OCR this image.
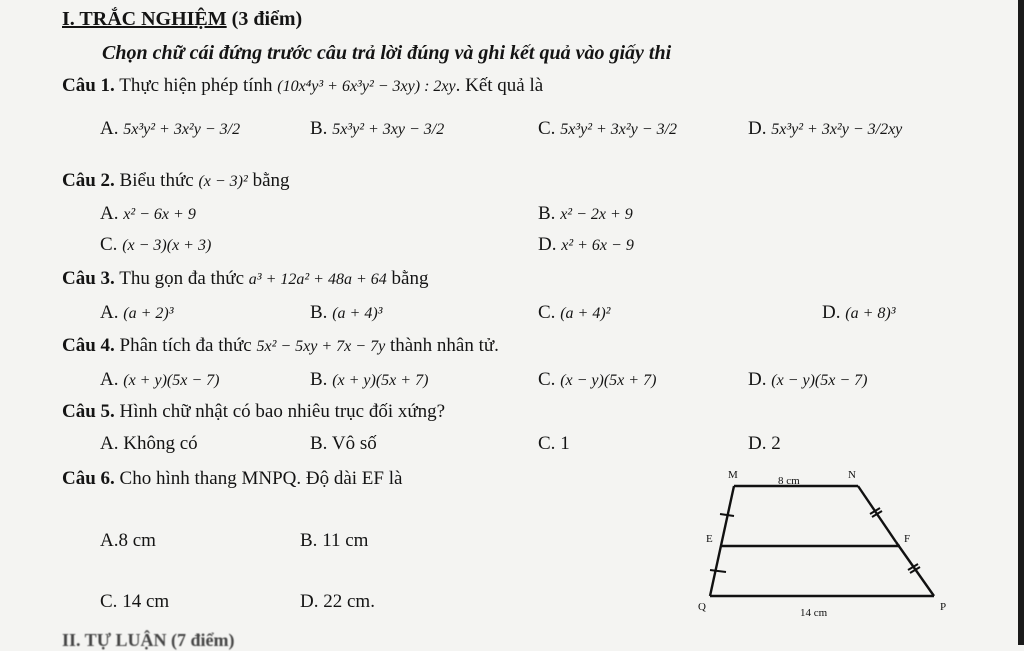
I. TRẮC NGHIỆM (3 điểm)
Chọn chữ cái đứng trước câu trả lời đúng và ghi kết quả vào giấy thi
Câu 1. Thực hiện phép tính (10x⁴y³ + 6x³y² − 3xy) : 2xy. Kết quả là
A. 5x³y² + 3x²y − 3/2	B. 5x³y² + 3xy − 3/2	C. 5x³y² + 3x²y − 3/2	D. 5x³y² + 3x²y − 3/2xy
Câu 2. Biểu thức (x − 3)² bằng
A. x² − 6x + 9	B. x² − 2x + 9
C. (x − 3)(x + 3)	D. x² + 6x − 9
Câu 3. Thu gọn đa thức a³ + 12a² + 48a + 64 bằng
A. (a + 2)³	B. (a + 4)³	C. (a + 4)²	D. (a + 8)³
Câu 4. Phân tích đa thức 5x² − 5xy + 7x − 7y thành nhân tử.
A. (x + y)(5x − 7)	B. (x + y)(5x + 7)	C. (x − y)(5x + 7)	D. (x − y)(5x − 7)
Câu 5. Hình chữ nhật có bao nhiêu trục đối xứng?
A. Không có	B. Vô số	C. 1	D. 2
Câu 6. Cho hình thang MNPQ. Độ dài EF là
A.8 cm	B. 11 cm
C. 14 cm	D. 22 cm.
M	N
8 cm
E	F
Q	14 cm	P
II. TỰ LUẬN (7 điểm)
